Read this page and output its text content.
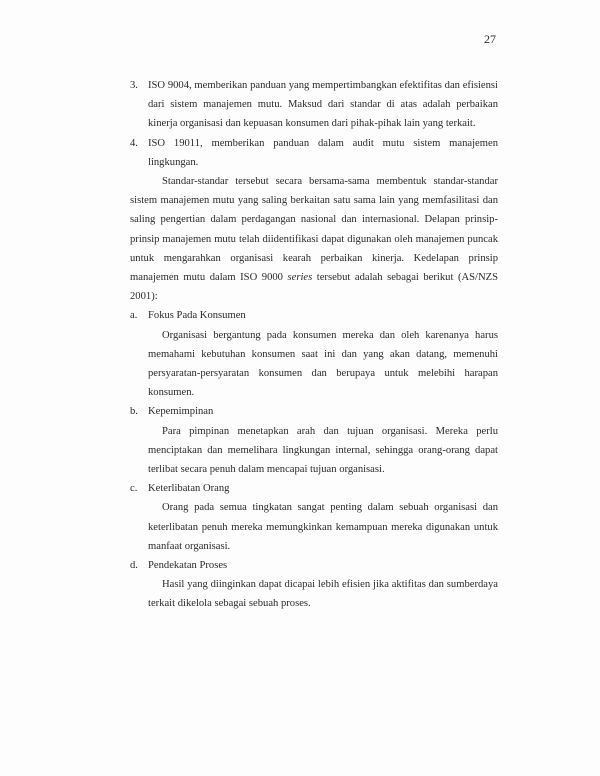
27
3. ISO 9004, memberikan panduan yang mempertimbangkan efektifitas dan efisiensi dari sistem manajemen mutu. Maksud dari standar di atas adalah perbaikan kinerja organisasi dan kepuasan konsumen dari pihak-pihak lain yang terkait.
4. ISO 19011, memberikan panduan dalam audit mutu sistem manajemen lingkungan.

Standar-standar tersebut secara bersama-sama membentuk standar-standar sistem manajemen mutu yang saling berkaitan satu sama lain yang memfasilitasi dan saling pengertian dalam perdagangan nasional dan internasional. Delapan prinsip-prinsip manajemen mutu telah diidentifikasi dapat digunakan oleh manajemen puncak untuk mengarahkan organisasi kearah perbaikan kinerja. Kedelapan prinsip manajemen mutu dalam ISO 9000 series tersebut adalah sebagai berikut (AS/NZS 2001):

a.	Fokus Pada Konsumen
Organisasi bergantung pada konsumen mereka dan oleh karenanya harus memahami kebutuhan konsumen saat ini dan yang akan datang, memenuhi persyaratan-persyaratan konsumen dan berupaya untuk melebihi harapan konsumen.
b. Kepemimpinan
Para pimpinan menetapkan arah dan tujuan organisasi. Mereka perlu menciptakan dan memelihara lingkungan internal, sehingga orang-orang dapat terlibat secara penuh dalam mencapai tujuan organisasi.
c.	Keterlibatan Orang
Orang pada semua tingkatan sangat penting dalam sebuah organisasi dan keterlibatan penuh mereka memungkinkan kemampuan mereka digunakan untuk manfaat organisasi.
d. Pendekatan Proses
Hasil yang diinginkan dapat dicapai lebih efisien jika aktifitas dan sumberdaya terkait dikelola sebagai sebuah proses.
